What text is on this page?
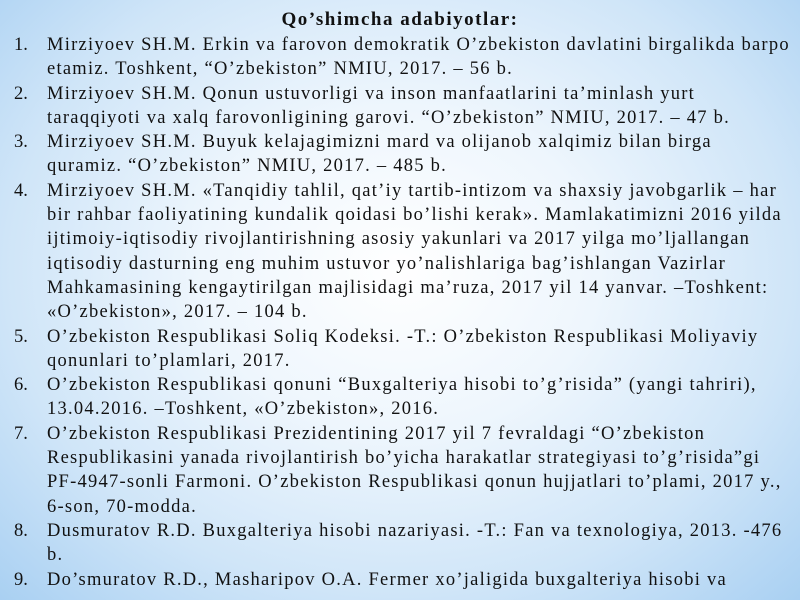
Qo’shimcha adabiyotlar:
1. Mirziyoev SH.M. Erkin va farovon demokratik O’zbekiston davlatini birgalikda barpo etamiz. Toshkent, “O’zbekiston” NMIU, 2017. – 56 b.
2. Mirziyoev SH.M. Qonun ustuvorligi va inson manfaatlarini ta’minlash yurt taraqqiyoti va xalq farovonligining garovi. “O’zbekiston” NMIU, 2017. – 47 b.
3. Mirziyoev SH.M. Buyuk kelajagimizni mard va olijanob xalqimiz bilan birga quramiz. “O’zbekiston” NMIU, 2017. – 485 b.
4. Mirziyoev SH.M. «Tanqidiy tahlil, qat’iy tartib-intizom va shaxsiy javobgarlik – har bir rahbar faoliyatining kundalik qoidasi bo’lishi kerak». Mamlakatimizni 2016 yilda ijtimoiy-iqtisodiy rivojlantirishning asosiy yakunlari va 2017 yilga mo’ljallangan iqtisodiy dasturning eng muhim ustuvor yo’nalishlariga bag’ishlangan Vazirlar Mahkamasining kengaytirilgan majlisidagi ma’ruza, 2017 yil 14 yanvar. –Toshkent: «O’zbekiston», 2017. – 104 b.
5. O’zbekiston Respublikasi Soliq Kodeksi. -T.: O’zbekiston Respublikasi Moliyaviy qonunlari to’plamlari, 2017.
6. O’zbekiston Respublikasi qonuni “Buxgalteriya hisobi to’g’risida” (yangi tahriri), 13.04.2016. –Toshkent, «O’zbekiston», 2016.
7. O’zbekiston Respublikasi Prezidentining 2017 yil 7 fevraldagi “O’zbekiston Respublikasini yanada rivojlantirish bo’yicha harakatlar strategiyasi to’g’risida”gi PF-4947-sonli Farmoni. O’zbekiston Respublikasi qonun hujjatlari to’plami, 2017 y., 6-son, 70-modda.
8. Dusmuratov R.D. Buxgalteriya hisobi nazariyasi. -T.: Fan va texnologiya, 2013. -476 b.
9. Do’smuratov R.D., Masharipov O.A. Fermer xo’jaligida buxgalteriya hisobi va
